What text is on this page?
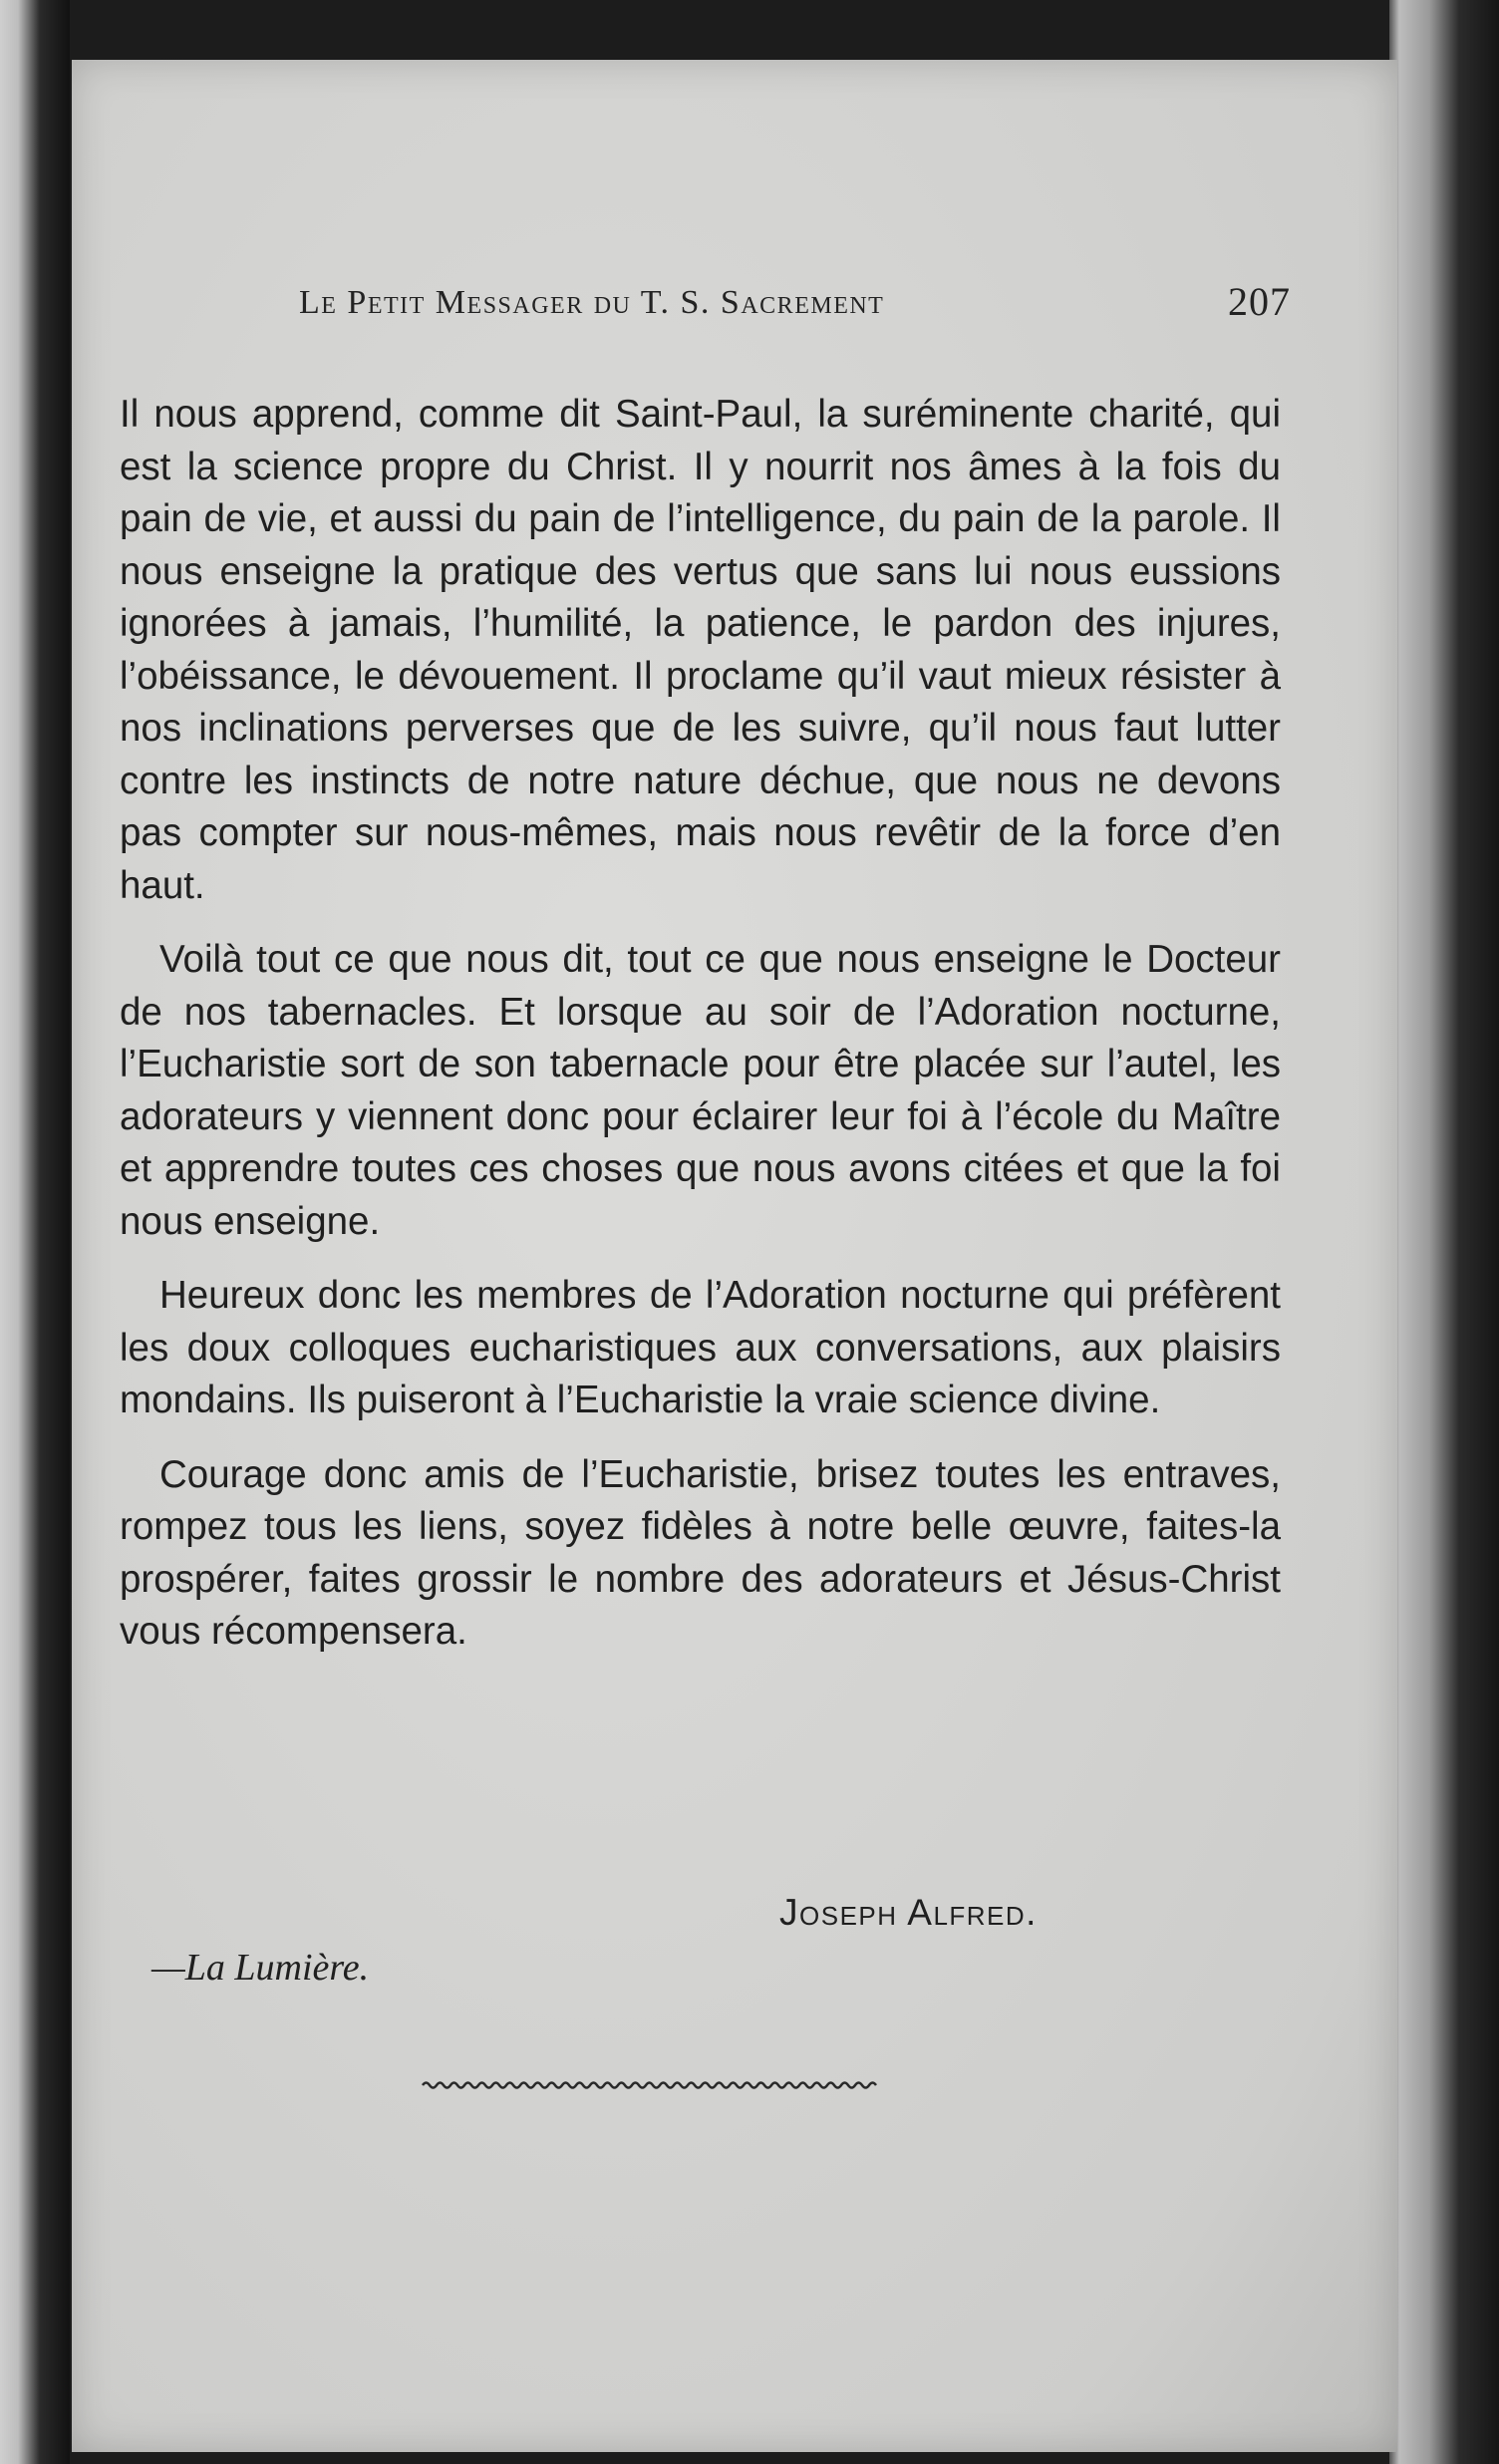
Le Petit Messager du T. S. Sacrement	207

Il nous apprend, comme dit Saint-Paul, la suréminente charité, qui est la science propre du Christ. Il y nourrit nos âmes à la fois du pain de vie, et aussi du pain de l’intelligence, du pain de la parole. Il nous enseigne la pratique des vertus que sans lui nous eussions ignorées à jamais, l’humilité, la patience, le pardon des injures, l’obéissance, le dévouement. Il proclame qu’il vaut mieux résister à nos inclinations perverses que de les suivre, qu’il nous faut lutter contre les instincts de notre nature déchue, que nous ne devons pas compter sur nous-mêmes, mais nous revêtir de la force d’en haut.

Voilà tout ce que nous dit, tout ce que nous enseigne le Docteur de nos tabernacles. Et lorsque au soir de l’Adoration nocturne, l’Eucharistie sort de son tabernacle pour être placée sur l’autel, les adorateurs y viennent donc pour éclairer leur foi à l’école du Maître et apprendre toutes ces choses que nous avons citées et que la foi nous enseigne.

Heureux donc les membres de l’Adoration nocturne qui préfèrent les doux colloques eucharistiques aux conversations, aux plaisirs mondains. Ils puiseront à l’Eucharistie la vraie science divine.

Courage donc amis de l’Eucharistie, brisez toutes les entraves, rompez tous les liens, soyez fidèles à notre belle œuvre, faites-la prospérer, faites grossir le nombre des adorateurs et Jésus-Christ vous récompensera.

Joseph Alfred.
—La Lumière.
